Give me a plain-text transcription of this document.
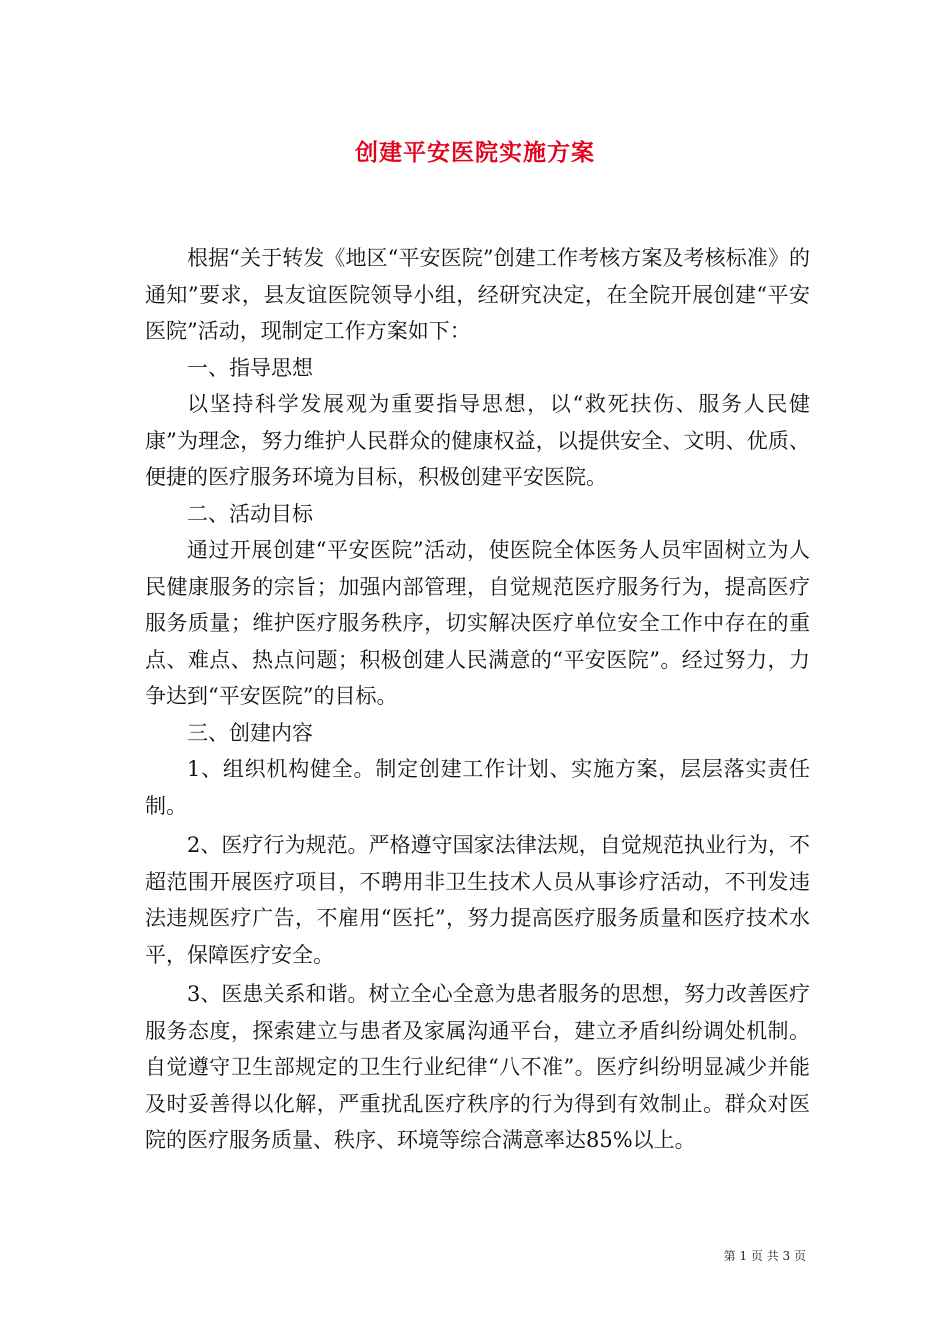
创建平安医院实施方案

根据“关于转发《地区“平安医院”创建工作考核方案及考核标准》的通知”要求，县友谊医院领导小组，经研究决定，在全院开展创建“平安医院”活动，现制定工作方案如下：

一、指导思想

以坚持科学发展观为重要指导思想，以“救死扶伤、服务人民健康”为理念，努力维护人民群众的健康权益，以提供安全、文明、优质、便捷的医疗服务环境为目标，积极创建平安医院。

二、活动目标

通过开展创建“平安医院”活动，使医院全体医务人员牢固树立为人民健康服务的宗旨；加强内部管理，自觉规范医疗服务行为，提高医疗服务质量；维护医疗服务秩序，切实解决医疗单位安全工作中存在的重点、难点、热点问题；积极创建人民满意的“平安医院”。经过努力，力争达到“平安医院”的目标。

三、创建内容

1、组织机构健全。制定创建工作计划、实施方案，层层落实责任制。

2、医疗行为规范。严格遵守国家法律法规，自觉规范执业行为，不超范围开展医疗项目，不聘用非卫生技术人员从事诊疗活动，不刊发违法违规医疗广告，不雇用“医托”，努力提高医疗服务质量和医疗技术水平，保障医疗安全。

3、医患关系和谐。树立全心全意为患者服务的思想，努力改善医疗服务态度，探索建立与患者及家属沟通平台，建立矛盾纠纷调处机制。自觉遵守卫生部规定的卫生行业纪律“八不准”。医疗纠纷明显减少并能及时妥善得以化解，严重扰乱医疗秩序的行为得到有效制止。群众对医院的医疗服务质量、秩序、环境等综合满意率达85%以上。

第 1 页 共 3 页
